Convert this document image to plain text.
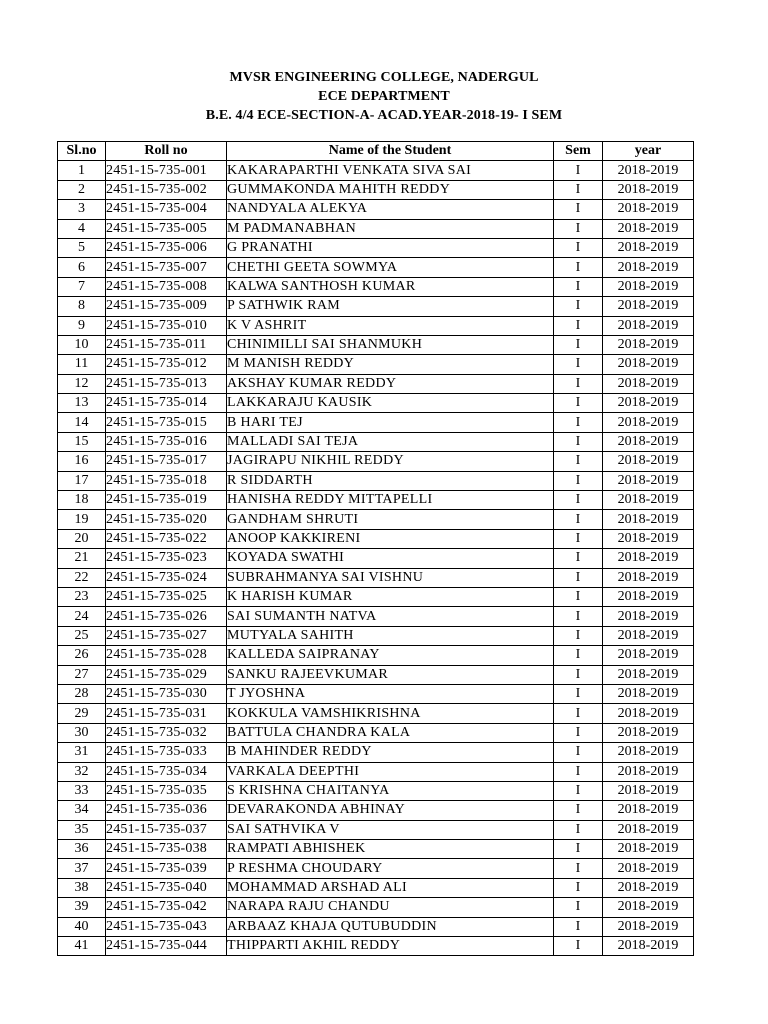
MVSR ENGINEERING COLLEGE, NADERGUL
ECE DEPARTMENT
B.E. 4/4 ECE-SECTION-A- ACAD.YEAR-2018-19- I SEM
Sl.no	Roll no	Name of the Student	Sem	year
1	2451-15-735-001	KAKARAPARTHI VENKATA SIVA SAI	I	2018-2019
2	2451-15-735-002	GUMMAKONDA MAHITH REDDY	I	2018-2019
3	2451-15-735-004	NANDYALA ALEKYA	I	2018-2019
4	2451-15-735-005	M PADMANABHAN	I	2018-2019
5	2451-15-735-006	G PRANATHI	I	2018-2019
6	2451-15-735-007	CHETHI GEETA SOWMYA	I	2018-2019
7	2451-15-735-008	KALWA SANTHOSH KUMAR	I	2018-2019
8	2451-15-735-009	P SATHWIK RAM	I	2018-2019
9	2451-15-735-010	K V ASHRIT	I	2018-2019
10	2451-15-735-011	CHINIMILLI SAI SHANMUKH	I	2018-2019
11	2451-15-735-012	M MANISH REDDY	I	2018-2019
12	2451-15-735-013	AKSHAY KUMAR REDDY	I	2018-2019
13	2451-15-735-014	LAKKARAJU KAUSIK	I	2018-2019
14	2451-15-735-015	B HARI TEJ	I	2018-2019
15	2451-15-735-016	MALLADI SAI TEJA	I	2018-2019
16	2451-15-735-017	JAGIRAPU NIKHIL REDDY	I	2018-2019
17	2451-15-735-018	R SIDDARTH	I	2018-2019
18	2451-15-735-019	HANISHA REDDY MITTAPELLI	I	2018-2019
19	2451-15-735-020	GANDHAM SHRUTI	I	2018-2019
20	2451-15-735-022	ANOOP KAKKIRENI	I	2018-2019
21	2451-15-735-023	KOYADA SWATHI	I	2018-2019
22	2451-15-735-024	SUBRAHMANYA SAI VISHNU	I	2018-2019
23	2451-15-735-025	K HARISH KUMAR	I	2018-2019
24	2451-15-735-026	SAI SUMANTH NATVA	I	2018-2019
25	2451-15-735-027	MUTYALA SAHITH	I	2018-2019
26	2451-15-735-028	KALLEDA SAIPRANAY	I	2018-2019
27	2451-15-735-029	SANKU RAJEEVKUMAR	I	2018-2019
28	2451-15-735-030	T JYOSHNA	I	2018-2019
29	2451-15-735-031	KOKKULA VAMSHIKRISHNA	I	2018-2019
30	2451-15-735-032	BATTULA CHANDRA KALA	I	2018-2019
31	2451-15-735-033	B MAHINDER REDDY	I	2018-2019
32	2451-15-735-034	VARKALA DEEPTHI	I	2018-2019
33	2451-15-735-035	S KRISHNA CHAITANYA	I	2018-2019
34	2451-15-735-036	DEVARAKONDA ABHINAY	I	2018-2019
35	2451-15-735-037	SAI SATHVIKA V	I	2018-2019
36	2451-15-735-038	RAMPATI ABHISHEK	I	2018-2019
37	2451-15-735-039	P RESHMA CHOUDARY	I	2018-2019
38	2451-15-735-040	MOHAMMAD ARSHAD ALI	I	2018-2019
39	2451-15-735-042	NARAPA RAJU CHANDU	I	2018-2019
40	2451-15-735-043	ARBAAZ KHAJA QUTUBUDDIN	I	2018-2019
41	2451-15-735-044	THIPPARTI AKHIL REDDY	I	2018-2019
